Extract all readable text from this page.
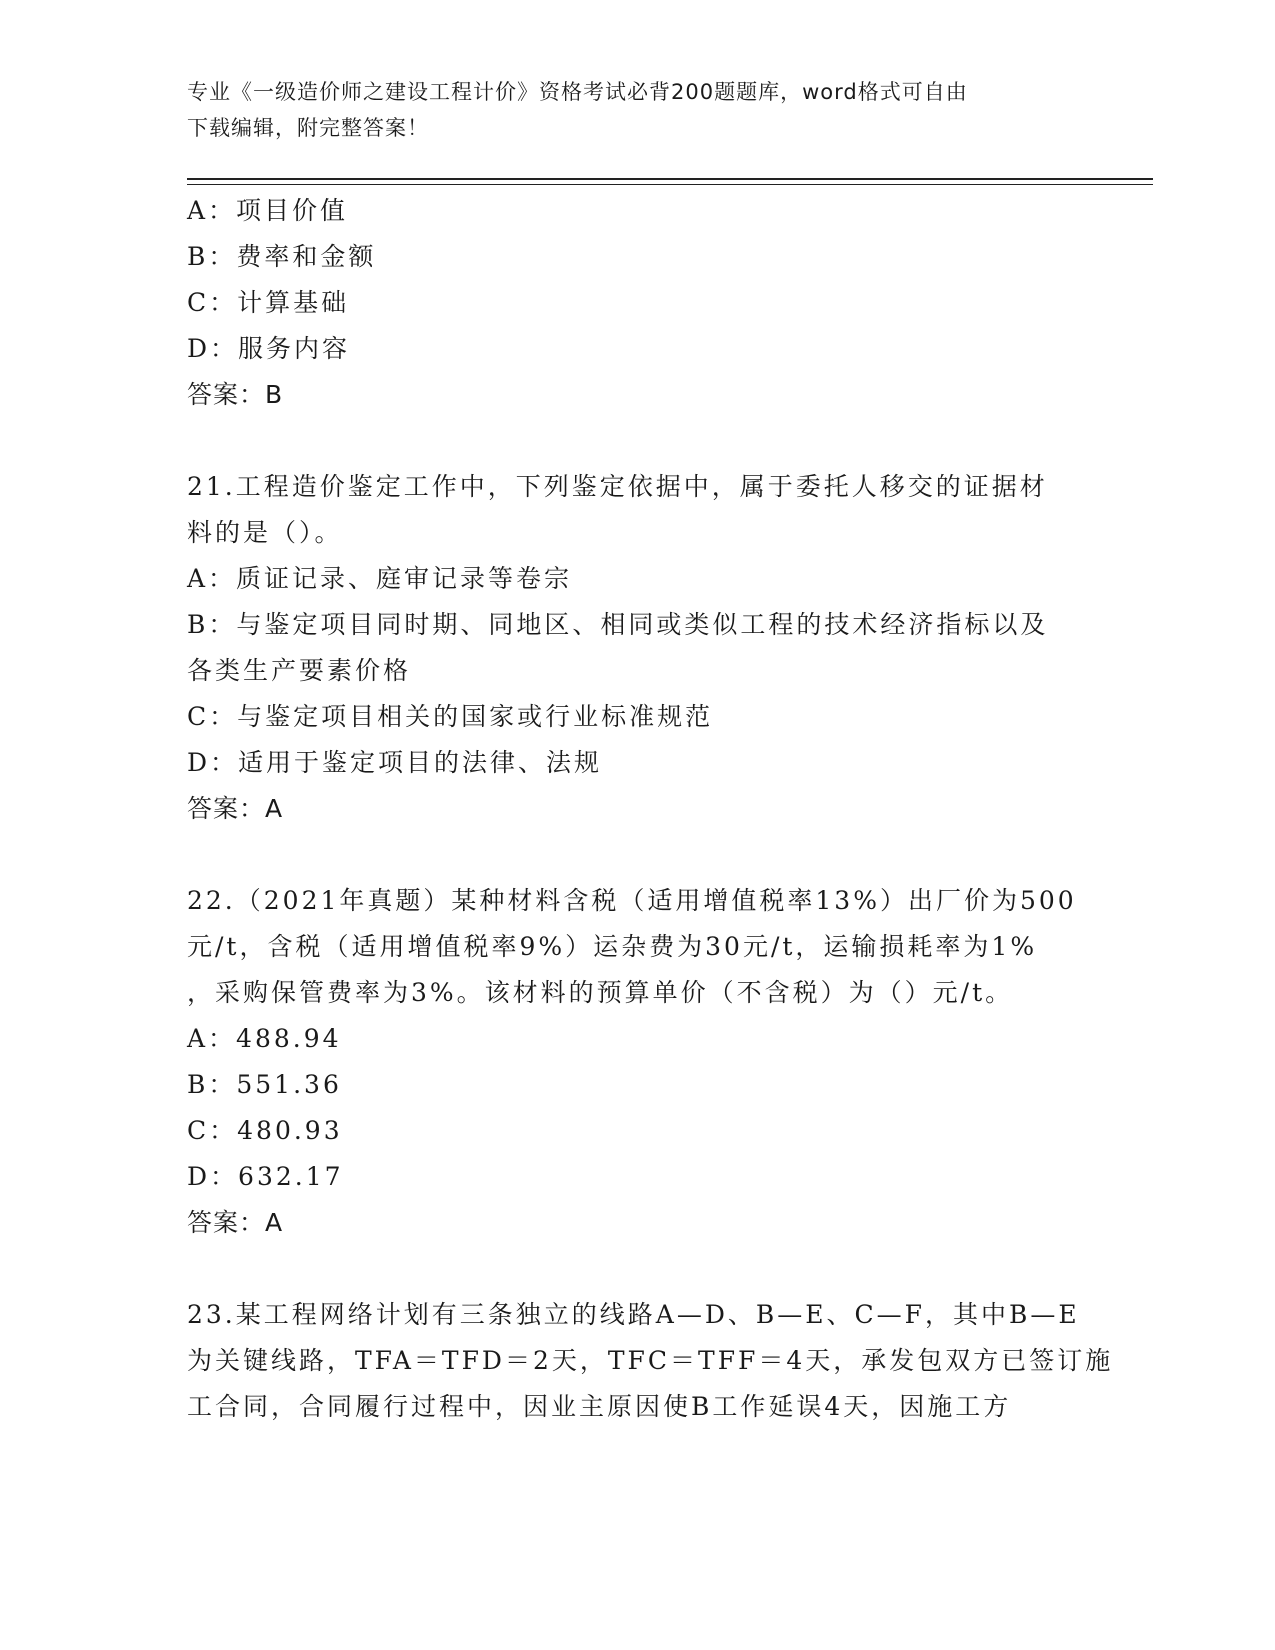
专业《一级造价师之建设工程计价》资格考试必背200题题库，word格式可自由
下载编辑，附完整答案！
A：项目价值
B：费率和金额
C：计算基础
D：服务内容
答案：B
21.工程造价鉴定工作中，下列鉴定依据中，属于委托人移交的证据材
料的是（）。
A：质证记录、庭审记录等卷宗
B：与鉴定项目同时期、同地区、相同或类似工程的技术经济指标以及
各类生产要素价格
C：与鉴定项目相关的国家或行业标准规范
D：适用于鉴定项目的法律、法规
答案：A
22.（2021年真题）某种材料含税（适用增值税率13%）出厂价为500
元/t，含税（适用增值税率9%）运杂费为30元/t，运输损耗率为1%
，采购保管费率为3%。该材料的预算单价（不含税）为（）元/t。
A：488.94
B：551.36
C：480.93
D：632.17
答案：A
23.某工程网络计划有三条独立的线路A—D、B—E、C—F，其中B—E
为关键线路，TFA＝TFD＝2天，TFC＝TFF＝4天，承发包双方已签订施
工合同，合同履行过程中，因业主原因使B工作延误4天，因施工方
